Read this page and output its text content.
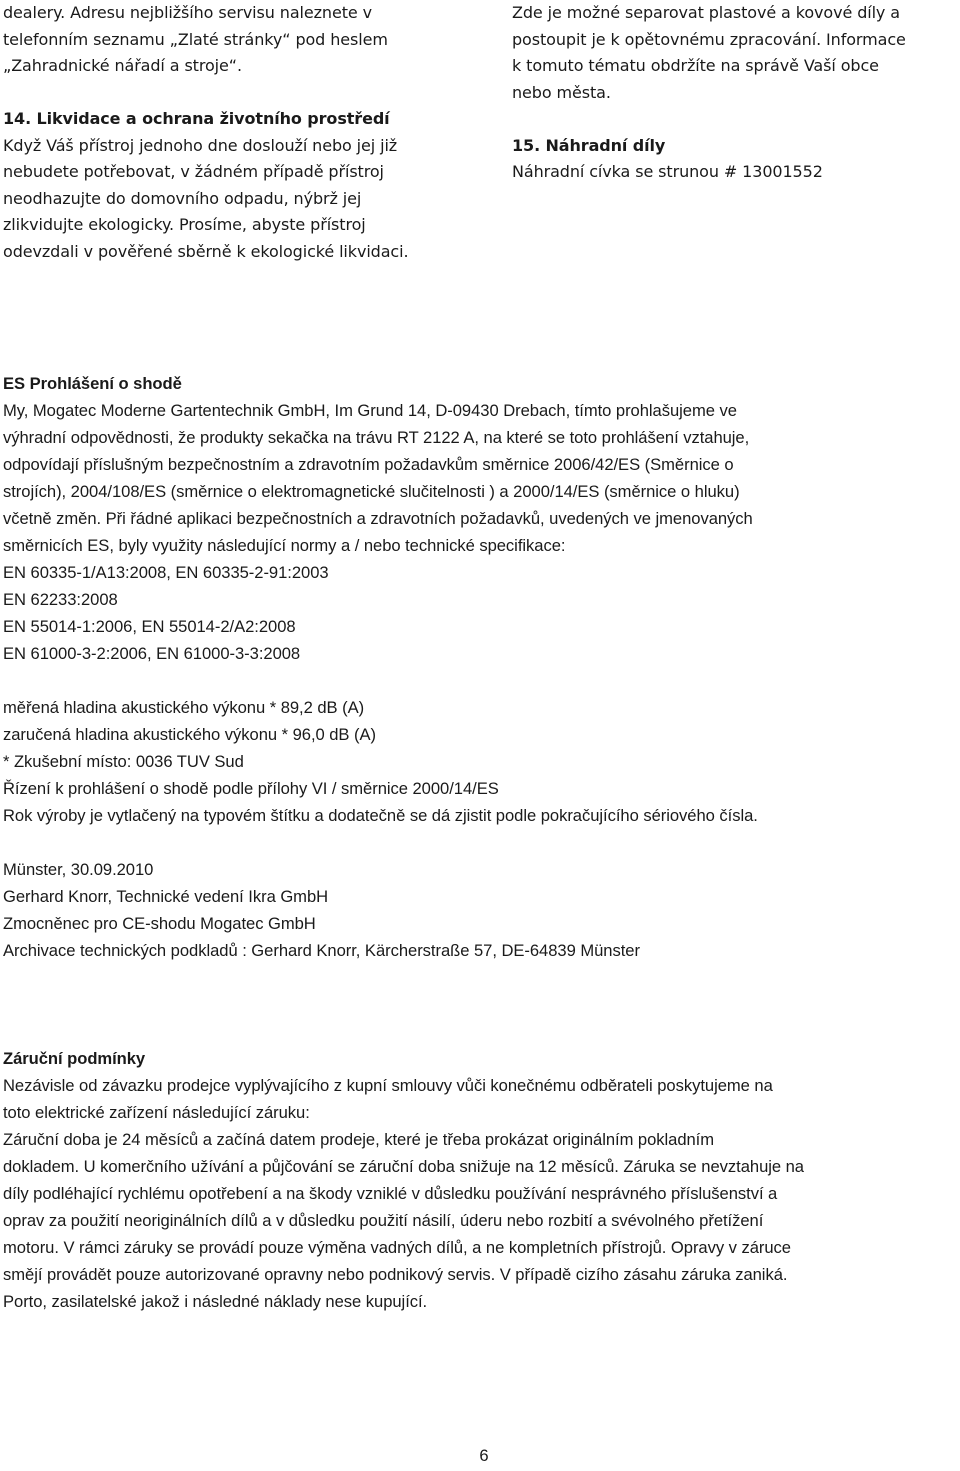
dealery. Adresu nejbližšího servisu naleznete v

telefonním seznamu „Zlaté stránky“ pod heslem

„Zahradnické nářadí a stroje“.

14. Likvidace a ochrana životního prostředí

Když Váš přístroj jednoho dne doslouží nebo jej již

nebudete potřebovat, v žádném případě přístroj

neodhazujte do domovního odpadu, nýbrž jej

zlikvidujte ekologicky. Prosíme, abyste přístroj

odevzdali v pověřené sběrně k ekologické likvidaci.

Zde je možné separovat plastové a kovové díly a

postoupit je k opětovnému zpracování. Informace

k tomuto tématu obdržíte na správě Vaší obce

nebo města.

15. Náhradní díly

Náhradní cívka se strunou # 13001552

ES Prohlášení o shodě

My, Mogatec Moderne Gartentechnik GmbH, Im Grund 14, D-09430 Drebach, tímto prohlašujeme ve

výhradní odpovědnosti, že produkty sekačka na trávu RT 2122 A, na které se toto prohlášení vztahuje,

odpovídají příslušným bezpečnostním a zdravotním požadavkům směrnice 2006/42/ES (Směrnice o

strojích), 2004/108/ES (směrnice o elektromagnetické slučitelnosti ) a 2000/14/ES (směrnice o hluku)

včetně změn. Při řádné aplikaci bezpečnostních a zdravotních požadavků, uvedených ve jmenovaných

směrnicích ES, byly využity následující normy a / nebo technické specifikace:

EN 60335-1/A13:2008, EN 60335-2-91:2003

EN 62233:2008

EN 55014-1:2006, EN 55014-2/A2:2008

EN 61000-3-2:2006, EN 61000-3-3:2008

měřená hladina akustického výkonu * 89,2 dB (A)

zaručená hladina akustického výkonu * 96,0 dB (A)

* Zkušební místo: 0036 TUV Sud

Řízení k prohlášení o shodě podle přílohy VI / směrnice 2000/14/ES

Rok výroby je vytlačený na typovém štítku a dodatečně se dá zjistit podle pokračujícího sériového čísla.

Münster, 30.09.2010

Gerhard Knorr, Technické vedení Ikra GmbH

Zmocněnec pro CE-shodu Mogatec GmbH

Archivace technických podkladů : Gerhard Knorr, Kärcherstraße 57, DE-64839 Münster

Záruční podmínky

Nezávisle od závazku prodejce vyplývajícího z kupní smlouvy vůči konečnému odběrateli poskytujeme na

toto elektrické zařízení následující záruku:

Záruční doba je 24 měsíců a začíná datem prodeje, které je třeba prokázat originálním pokladním

dokladem. U komerčního užívání a půjčování se záruční doba snižuje na 12 měsíců. Záruka se nevztahuje na

díly podléhající rychlému opotřebení a na škody vzniklé v důsledku používání nesprávného příslušenství a

oprav za použití neoriginálních dílů a v důsledku použití násilí, úderu nebo rozbití a svévolného přetížení

motoru. V rámci záruky se provádí pouze výměna vadných dílů, a ne kompletních přístrojů. Opravy v záruce

smějí provádět pouze autorizované opravny nebo podnikový servis. V případě cizího zásahu záruka zaniká.

Porto, zasilatelské jakož i následné náklady nese kupující.

6
